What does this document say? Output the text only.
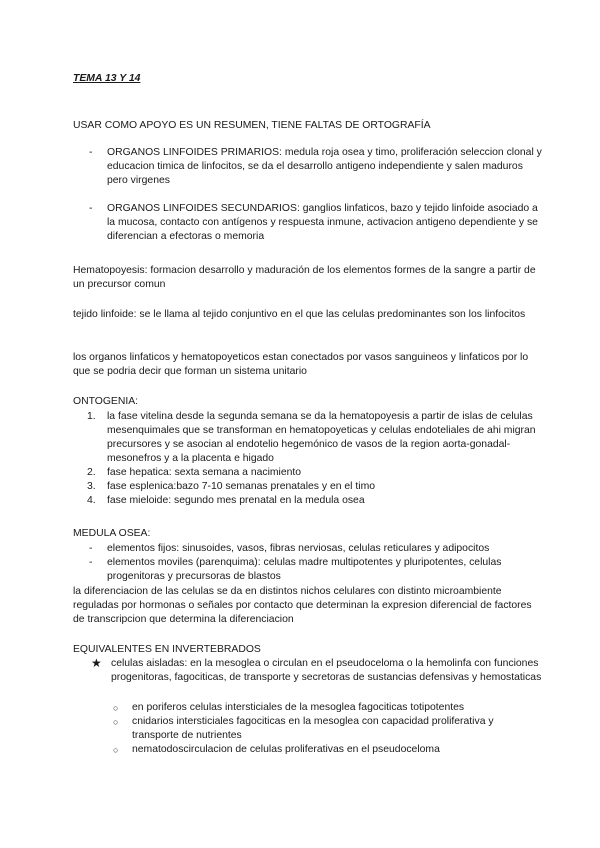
TEMA 13 Y 14

USAR COMO APOYO ES UN RESUMEN, TIENE FALTAS DE ORTOGRAFÍA

- ORGANOS LINFOIDES PRIMARIOS: medula roja osea y timo, proliferación seleccion clonal y educacion timica de linfocitos, se da el desarrollo antigeno independiente y salen maduros pero virgenes
- ORGANOS LINFOIDES SECUNDARIOS: ganglios linfaticos, bazo y tejido linfoide asociado a la mucosa, contacto con antígenos y respuesta inmune, activacion antigeno dependiente y se diferencian a efectoras o memoria

Hematopoyesis: formacion desarrollo y maduración de los elementos formes de la sangre a partir de un precursor comun

tejido linfoide: se le llama al tejido conjuntivo en el que las celulas predominantes son los linfocitos

los organos linfaticos y hematopoyeticos estan conectados por vasos sanguineos y linfaticos por lo que se podria decir que forman un sistema unitario

ONTOGENIA:

1. la fase vitelina desde la segunda semana se da la hematopoyesis a partir de islas de celulas mesenquimales que se transforman en hematopoyeticas y celulas endoteliales de ahi migran precursores y se asocian al endotelio hegemónico de vasos de la region aorta-gonadal-mesonefros y a la placenta e higado
2. fase hepatica: sexta semana a nacimiento
3. fase esplenica:bazo 7-10 semanas prenatales y en el timo
4. fase mieloide: segundo mes prenatal en la medula osea

MEDULA OSEA:

- elementos fijos: sinusoides, vasos, fibras nerviosas, celulas reticulares y adipocitos
- elementos moviles (parenquima): celulas madre multipotentes y pluripotentes, celulas progenitoras y precursoras de blastos

la diferenciacion de las celulas se da en distintos nichos celulares con distinto microambiente reguladas por hormonas o señales por contacto que determinan la expresion diferencial de factores de transcripcion que determina la diferenciacion

EQUIVALENTES EN INVERTEBRADOS

★ celulas aisladas: en la mesoglea o circulan en el pseudoceloma o la hemolinfa con funciones progenitoras, fagociticas, de transporte y secretoras de sustancias defensivas y hemostaticas
○ en poriferos celulas intersticiales de la mesoglea fagociticas totipotentes
○ cnidarios intersticiales fagociticas en la mesoglea con capacidad proliferativa y transporte de nutrientes
○ nematodoscirculacion de celulas proliferativas en el pseudoceloma
